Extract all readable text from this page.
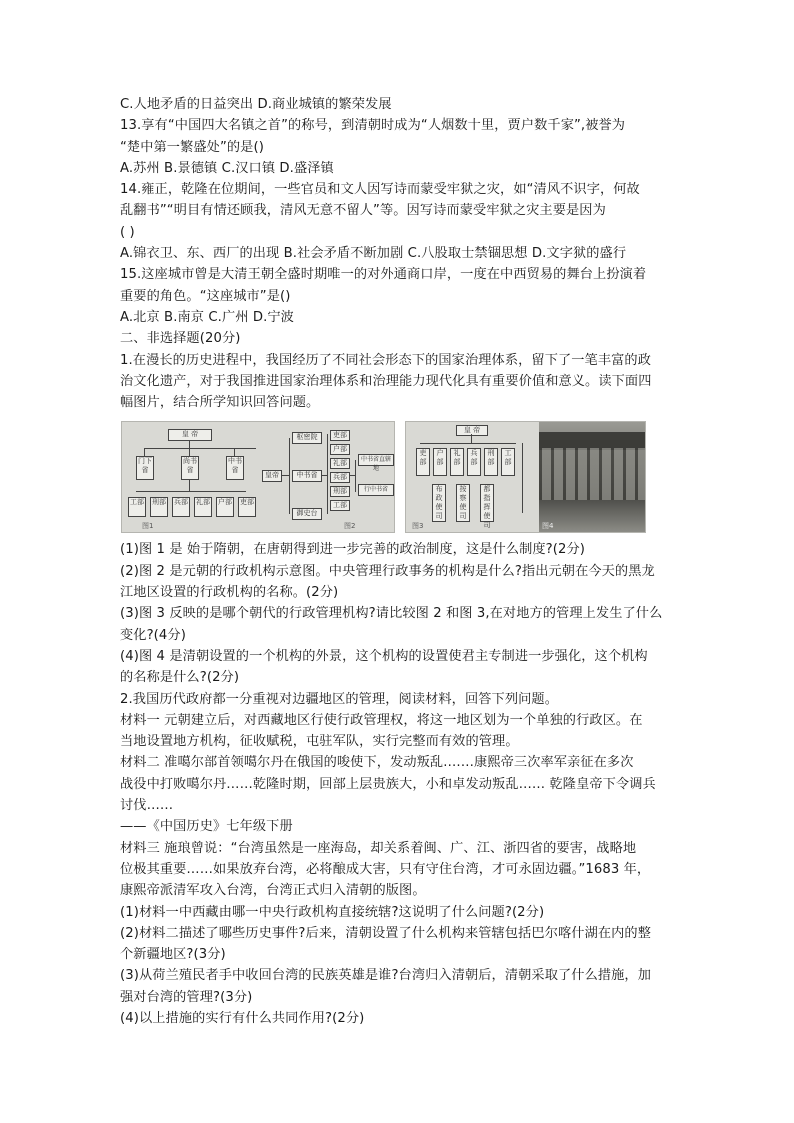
C.人地矛盾的日益突出 D.商业城镇的繁荣发展
13.享有“中国四大名镇之首”的称号，到清朝时成为“人烟数十里，贾户数千家”,被誉为
“楚中第一繁盛处”的是()
A.苏州 B.景德镇 C.汉口镇 D.盛泽镇
14.雍正，乾隆在位期间，一些官员和文人因写诗而蒙受牢狱之灾，如“清风不识字，何故
乱翻书”“明目有情还顾我，清风无意不留人”等。因写诗而蒙受牢狱之灾主要是因为
( )
A.锦衣卫、东、西厂的出现 B.社会矛盾不断加剧 C.八股取士禁锢思想 D.文字狱的盛行
15.这座城市曾是大清王朝全盛时期唯一的对外通商口岸，一度在中西贸易的舞台上扮演着
重要的角色。“这座城市”是()
A.北京 B.南京 C.广州 D.宁波
二、非选择题(20分)
1.在漫长的历史进程中，我国经历了不同社会形态下的国家治理体系，留下了一笔丰富的政
治文化遗产，对于我国推进国家治理体系和治理能力现代化具有重要价值和意义。读下面四
幅图片，结合所学知识回答问题。
皇 帝
门下省
尚书省
中书省
工部 刑部 兵部 礼部 户部 吏部
图1
皇帝
枢密院
中书省
御史台
吏部
户部
礼部
兵部
刑部
工部
中书省直辖地
行中书省
图2
皇 帝
吏部
户部
礼部
兵部
刑部
工部
布政使司
按察使司
都指挥使司
图3	图4
(1)图 1 是 始于隋朝，在唐朝得到进一步完善的政治制度，这是什么制度?(2分)
(2)图 2 是元朝的行政机构示意图。中央管理行政事务的机构是什么?指出元朝在今天的黑龙
江地区设置的行政机构的名称。(2分)
(3)图 3 反映的是哪个朝代的行政管理机构?请比较图 2 和图 3,在对地方的管理上发生了什么
变化?(4分)
(4)图 4 是清朝设置的一个机构的外景，这个机构的设置使君主专制进一步强化，这个机构
的名称是什么?(2分)
2.我国历代政府都一分重视对边疆地区的管理，阅读材料，回答下列问题。
材料一 元朝建立后，对西藏地区行使行政管理权，将这一地区划为一个单独的行政区。在
当地设置地方机构，征收赋税，屯驻军队，实行完整而有效的管理。
材料二 准噶尔部首领噶尔丹在俄国的唆使下，发动叛乱.……康熙帝三次率军亲征在多次
战役中打败噶尔丹……乾隆时期，回部上层贵族大，小和卓发动叛乱…… 乾隆皇帝下令调兵
讨伐……
——《中国历史》七年级下册
材料三 施琅曾说：“台湾虽然是一座海岛，却关系着闽、广、江、浙四省的要害，战略地
位极其重要……如果放弃台湾，必将酿成大害，只有守住台湾，才可永固边疆。”1683 年，
康熙帝派清军攻入台湾，台湾正式归入清朝的版图。
(1)材料一中西藏由哪一中央行政机构直接统辖?这说明了什么问题?(2分)
(2)材料二描述了哪些历史事件?后来，清朝设置了什么机构来管辖包括巴尔喀什湖在内的整
个新疆地区?(3分)
(3)从荷兰殖民者手中收回台湾的民族英雄是谁?台湾归入清朝后，清朝采取了什么措施，加
强对台湾的管理?(3分)
(4)以上措施的实行有什么共同作用?(2分)
